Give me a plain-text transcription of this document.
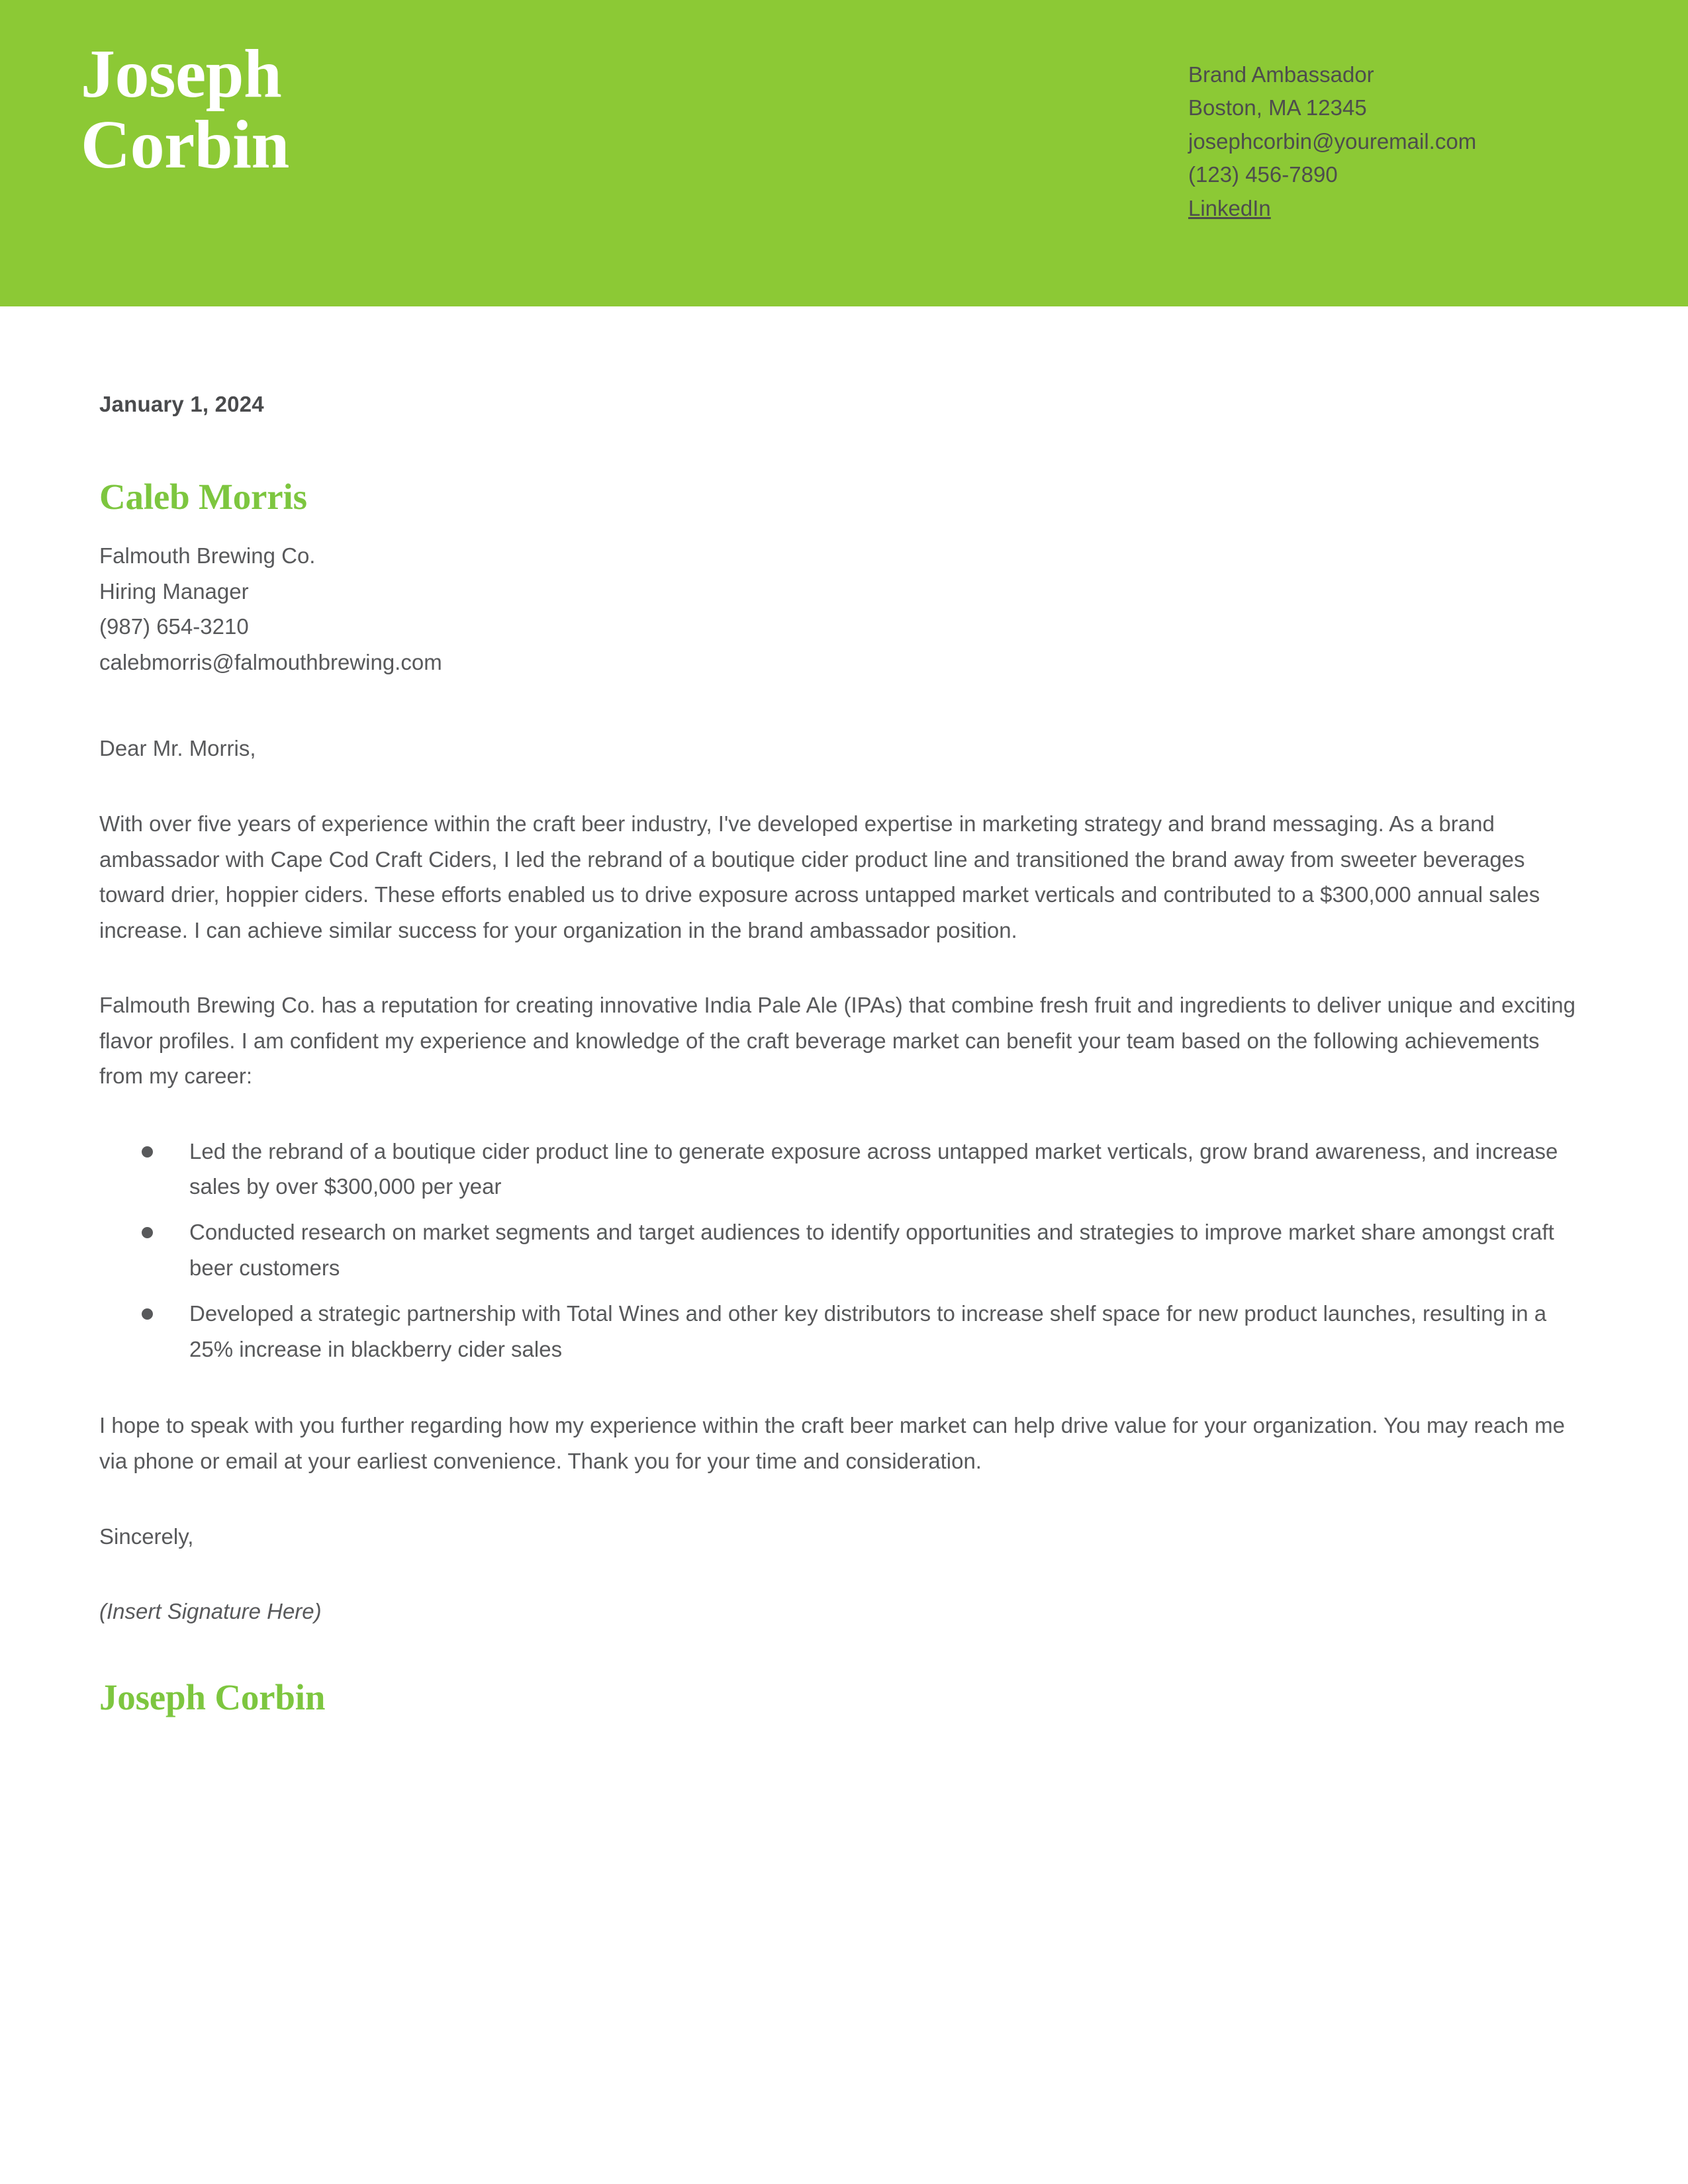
Joseph
Corbin
Brand Ambassador
Boston, MA 12345
josephcorbin@youremail.com
(123) 456-7890
LinkedIn

January 1, 2024

Caleb Morris

Falmouth Brewing Co.
Hiring Manager
(987) 654-3210
calebmorris@falmouthbrewing.com

Dear Mr. Morris,

With over five years of experience within the craft beer industry, I've developed expertise in marketing strategy and brand messaging. As a brand ambassador with Cape Cod Craft Ciders, I led the rebrand of a boutique cider product line and transitioned the brand away from sweeter beverages toward drier, hoppier ciders. These efforts enabled us to drive exposure across untapped market verticals and contributed to a $300,000 annual sales increase. I can achieve similar success for your organization in the brand ambassador position.

Falmouth Brewing Co. has a reputation for creating innovative India Pale Ale (IPAs) that combine fresh fruit and ingredients to deliver unique and exciting flavor profiles. I am confident my experience and knowledge of the craft beverage market can benefit your team based on the following achievements from my career:

Led the rebrand of a boutique cider product line to generate exposure across untapped market verticals, grow brand awareness, and increase sales by over $300,000 per year
Conducted research on market segments and target audiences to identify opportunities and strategies to improve market share amongst craft beer customers
Developed a strategic partnership with Total Wines and other key distributors to increase shelf space for new product launches, resulting in a 25% increase in blackberry cider sales

I hope to speak with you further regarding how my experience within the craft beer market can help drive value for your organization. You may reach me via phone or email at your earliest convenience. Thank you for your time and consideration.

Sincerely,

(Insert Signature Here)

Joseph Corbin
